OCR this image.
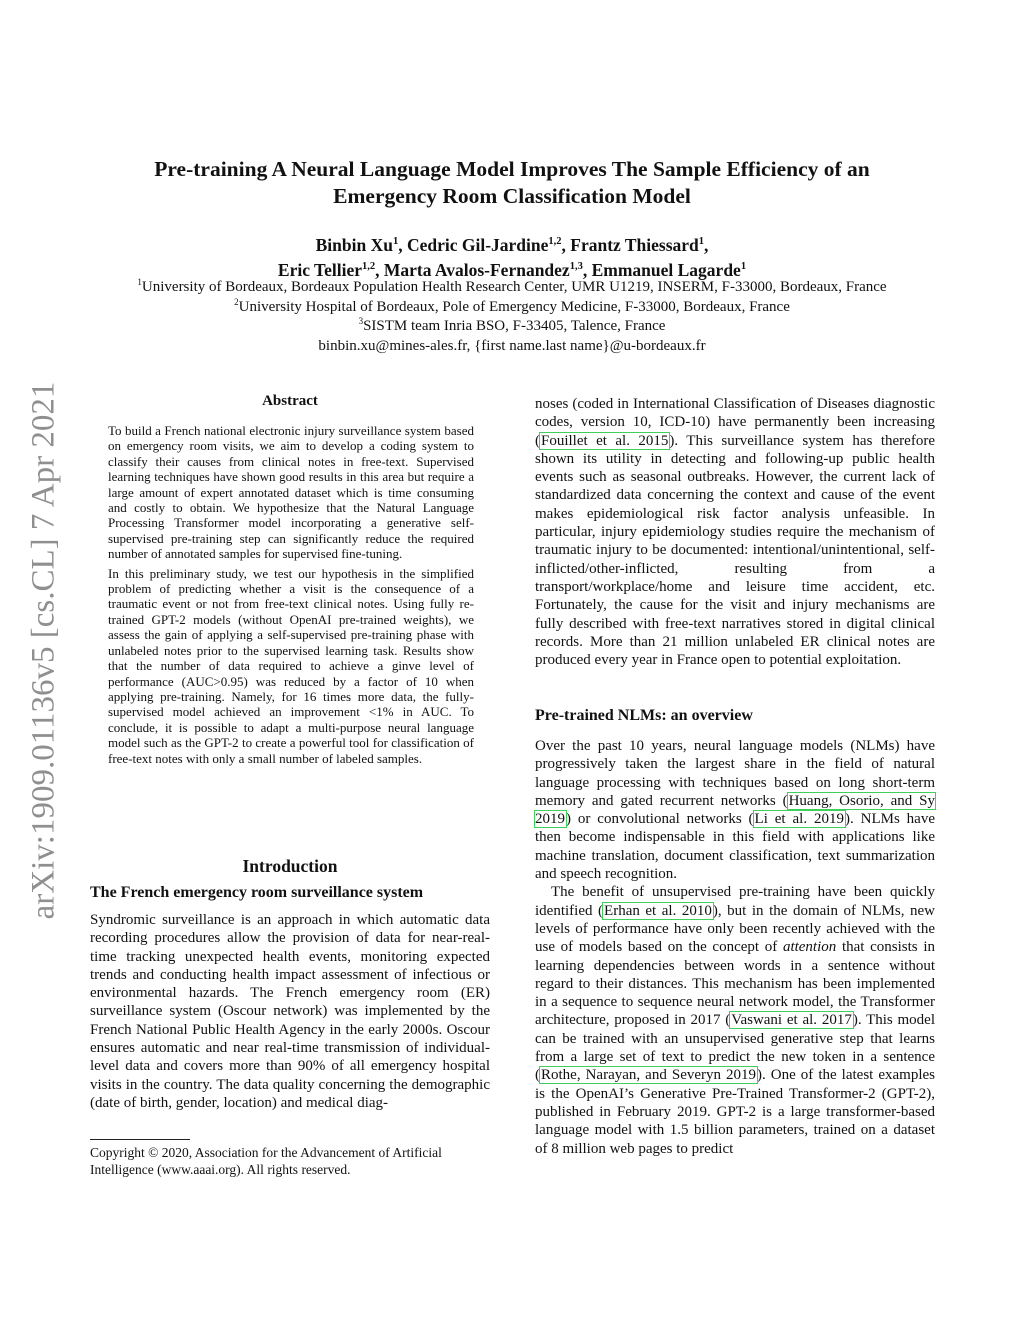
arXiv:1909.01136v5 [cs.CL] 7 Apr 2021
Pre-training A Neural Language Model Improves The Sample Efficiency of an
Emergency Room Classification Model
Binbin Xu$^1$, Cedric Gil-Jardine$^{1,2}$, Frantz Thiessard$^1$,
Eric Tellier$^{1,2}$, Marta Avalos-Fernandez$^{1,3}$, Emmanuel Lagarde$^1$
$^1$University of Bordeaux, Bordeaux Population Health Research Center, UMR U1219, INSERM, F-33000, Bordeaux, France
$^2$University Hospital of Bordeaux, Pole of Emergency Medicine, F-33000, Bordeaux, France
$^3$SISTM team Inria BSO, F-33405, Talence, France
binbin.xu@mines-ales.fr, {first name.last name}@u-bordeaux.fr
Abstract

To build a French national electronic injury surveillance system based on emergency room visits, we aim to develop a coding system to classify their causes from clinical notes in free-text. Supervised learning techniques have shown good results in this area but require a large amount of expert annotated dataset which is time consuming and costly to obtain. We hypothesize that the Natural Language Processing Transformer model incorporating a generative self-supervised pre-training step can significantly reduce the required number of annotated samples for supervised fine-tuning.

In this preliminary study, we test our hypothesis in the simplified problem of predicting whether a visit is the consequence of a traumatic event or not from free-text clinical notes. Using fully re-trained GPT-2 models (without OpenAI pre-trained weights), we assess the gain of applying a self-supervised pre-training phase with unlabeled notes prior to the supervised learning task. Results show that the number of data required to achieve a ginve level of performance (AUC>0.95) was reduced by a factor of 10 when applying pre-training. Namely, for 16 times more data, the fully-supervised model achieved an improvement <1% in AUC. To conclude, it is possible to adapt a multi-purpose neural language model such as the GPT-2 to create a powerful tool for classification of free-text notes with only a small number of labeled samples.

Introduction
The French emergency room surveillance system

Syndromic surveillance is an approach in which automatic data recording procedures allow the provision of data for near-real-time tracking unexpected health events, monitoring expected trends and conducting health impact assessment of infectious or environmental hazards. The French emergency room (ER) surveillance system (Oscour network) was implemented by the French National Public Health Agency in the early 2000s. Oscour ensures automatic and near real-time transmission of individual-level data and covers more than 90% of all emergency hospital visits in the country. The data quality concerning the demographic (date of birth, gender, location) and medical diag-

Copyright © 2020, Association for the Advancement of Artificial Intelligence (www.aaai.org). All rights reserved.

noses (coded in International Classification of Diseases diagnostic codes, version 10, ICD-10) have permanently been increasing (Fouillet et al. 2015). This surveillance system has therefore shown its utility in detecting and following-up public health events such as seasonal outbreaks. However, the current lack of standardized data concerning the context and cause of the event makes epidemiological risk factor analysis unfeasible. In particular, injury epidemiology studies require the mechanism of traumatic injury to be documented: intentional/unintentional, self-inflicted/other-inflicted, resulting from a transport/workplace/home and leisure time accident, etc. Fortunately, the cause for the visit and injury mechanisms are fully described with free-text narratives stored in digital clinical records. More than 21 million unlabeled ER clinical notes are produced every year in France open to potential exploitation.

Pre-trained NLMs: an overview

Over the past 10 years, neural language models (NLMs) have progressively taken the largest share in the field of natural language processing with techniques based on long short-term memory and gated recurrent networks (Huang, Osorio, and Sy 2019) or convolutional networks (Li et al. 2019). NLMs have then become indispensable in this field with applications like machine translation, document classification, text summarization and speech recognition.

The benefit of unsupervised pre-training have been quickly identified (Erhan et al. 2010), but in the domain of NLMs, new levels of performance have only been recently achieved with the use of models based on the concept of attention that consists in learning dependencies between words in a sentence without regard to their distances. This mechanism has been implemented in a sequence to sequence neural network model, the Transformer architecture, proposed in 2017 (Vaswani et al. 2017). This model can be trained with an unsupervised generative step that learns from a large set of text to predict the new token in a sentence (Rothe, Narayan, and Severyn 2019). One of the latest examples is the OpenAI’s Generative Pre-Trained Transformer-2 (GPT-2), published in February 2019. GPT-2 is a large transformer-based language model with 1.5 billion parameters, trained on a dataset of 8 million web pages to predict
